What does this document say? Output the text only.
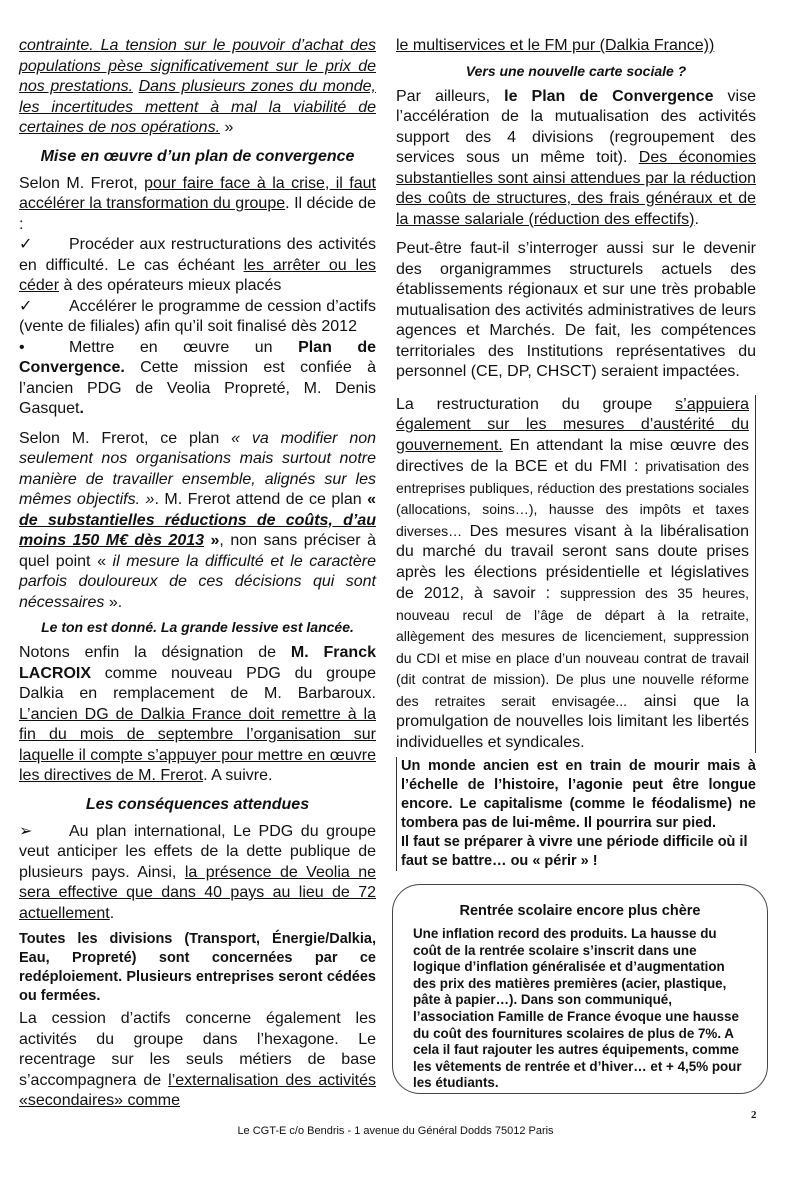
contrainte. La tension sur le pouvoir d’achat des populations pèse significativement sur le prix de nos prestations. Dans plusieurs zones du monde, les incertitudes mettent à mal la viabilité de certaines de nos opérations. »

Mise en œuvre d’un plan de convergence

Selon M. Frerot, pour faire face à la crise, il faut accélérer la transformation du groupe. Il décide de :

✓ Procéder aux restructurations des activités en difficulté. Le cas échéant les arrêter ou les céder à des opérateurs mieux placés

✓ Accélérer le programme de cession d’actifs (vente de filiales) afin qu’il soit finalisé dès 2012

•	Mettre en œuvre un Plan de Convergence. Cette mission est confiée à l’ancien PDG de Veolia Propreté, M. Denis Gasquet.

Selon M. Frerot, ce plan « va modifier non seulement nos organisations mais surtout notre manière de travailler ensemble, alignés sur les mêmes objectifs. ». M. Frerot attend de ce plan « de substantielles réductions de coûts, d’au moins 150 M€ dès 2013 », non sans préciser à quel point « il mesure la difficulté et le caractère parfois douloureux de ces décisions qui sont nécessaires ».

Le ton est donné. La grande lessive est lancée.

Notons enfin la désignation de M. Franck LACROIX comme nouveau PDG du groupe Dalkia en remplacement de M. Barbaroux. L’ancien DG de Dalkia France doit remettre à la fin du mois de septembre l’organisation sur laquelle il compte s’appuyer pour mettre en œuvre les directives de M. Frerot. A suivre.

Les conséquences attendues

➢ Au plan international, Le PDG du groupe veut anticiper les effets de la dette publique de plusieurs pays. Ainsi, la présence de Veolia ne sera effective que dans 40 pays au lieu de 72 actuellement.

Toutes les divisions (Transport, Énergie/Dalkia, Eau, Propreté) sont concernées par ce redéploiement. Plusieurs entreprises seront cédées ou fermées.

La cession d’actifs concerne également les activités du groupe dans l’hexagone. Le recentrage sur les seuls métiers de base s’accompagnera de l’externalisation des activités «secondaires» comme

le multiservices et le FM pur (Dalkia France))

Vers une nouvelle carte sociale ?

Par ailleurs, le Plan de Convergence vise l’accélération de la mutualisation des activités support des 4 divisions (regroupement des services sous un même toit). Des économies substantielles sont ainsi attendues par la réduction des coûts de structures, des frais généraux et de la masse salariale (réduction des effectifs).

Peut-être faut-il s’interroger aussi sur le devenir des organigrammes structurels actuels des établissements régionaux et sur une très probable mutualisation des activités administratives de leurs agences et Marchés. De fait, les compétences territoriales des Institutions représentatives du personnel (CE, DP, CHSCT) seraient impactées.

La restructuration du groupe s’appuiera également sur les mesures d’austérité du gouvernement. En attendant la mise œuvre des directives de la BCE et du FMI : privatisation des entreprises publiques, réduction des prestations sociales (allocations, soins…), hausse des impôts et taxes diverses… Des mesures visant à la libéralisation du marché du travail seront sans doute prises après les élections présidentielle et législatives de 2012, à savoir : suppression des 35 heures, nouveau recul de l’âge de départ à la retraite, allègement des mesures de licenciement, suppression du CDI et mise en place d’un nouveau contrat de travail (dit contrat de mission). De plus une nouvelle réforme des retraites serait envisagée... ainsi que la promulgation de nouvelles lois limitant les libertés individuelles et syndicales.

Un monde ancien est en train de mourir mais à l’échelle de l’histoire, l’agonie peut être longue encore. Le capitalisme (comme le féodalisme) ne tombera pas de lui-même. Il pourrira sur pied.

Il faut se préparer à vivre une période difficile où il faut se battre… ou « périr » !

Rentrée scolaire encore plus chère
Une inflation record des produits. La hausse du coût de la rentrée scolaire s’inscrit dans une logique d’inflation généralisée et d’augmentation des prix des matières premières (acier, plastique, pâte à papier…). Dans son communiqué, l’association Famille de France évoque une hausse du coût des fournitures scolaires de plus de 7%. A cela il faut rajouter les autres équipements, comme les vêtements de rentrée et d’hiver… et + 4,5% pour les étudiants.
2
Le CGT-E c/o Bendris - 1 avenue du Général Dodds 75012 Paris
